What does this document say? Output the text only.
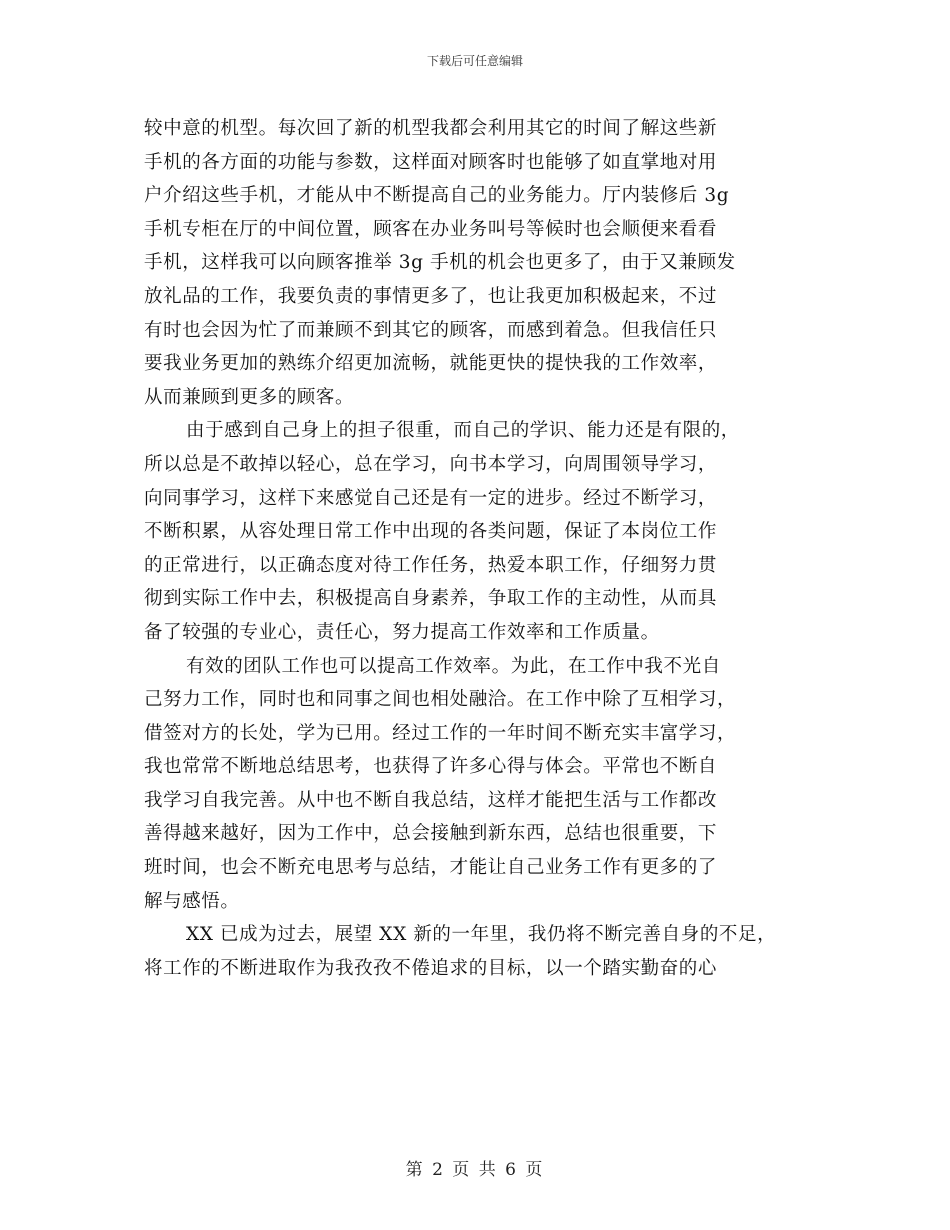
下载后可任意编辑
较中意的机型。每次回了新的机型我都会利用其它的时间了解这些新
手机的各方面的功能与参数，这样面对顾客时也能够了如直掌地对用
户介绍这些手机，才能从中不断提高自己的业务能力。厅内装修后 3g
手机专柜在厅的中间位置，顾客在办业务叫号等候时也会顺便来看看
手机，这样我可以向顾客推举 3g 手机的机会也更多了，由于又兼顾发
放礼品的工作，我要负责的事情更多了，也让我更加积极起来，不过
有时也会因为忙了而兼顾不到其它的顾客，而感到着急。但我信任只
要我业务更加的熟练介绍更加流畅，就能更快的提快我的工作效率，
从而兼顾到更多的顾客。
由于感到自己身上的担子很重，而自己的学识、能力还是有限的，
所以总是不敢掉以轻心，总在学习，向书本学习，向周围领导学习，
向同事学习，这样下来感觉自己还是有一定的进步。经过不断学习，
不断积累，从容处理日常工作中出现的各类问题，保证了本岗位工作
的正常进行，以正确态度对待工作任务，热爱本职工作，仔细努力贯
彻到实际工作中去，积极提高自身素养，争取工作的主动性，从而具
备了较强的专业心，责任心，努力提高工作效率和工作质量。
有效的团队工作也可以提高工作效率。为此，在工作中我不光自
己努力工作，同时也和同事之间也相处融洽。在工作中除了互相学习，
借签对方的长处，学为已用。经过工作的一年时间不断充实丰富学习，
我也常常不断地总结思考，也获得了许多心得与体会。平常也不断自
我学习自我完善。从中也不断自我总结，这样才能把生活与工作都改
善得越来越好，因为工作中，总会接触到新东西，总结也很重要，下
班时间，也会不断充电思考与总结，才能让自己业务工作有更多的了
解与感悟。
XX 已成为过去，展望 XX 新的一年里，我仍将不断完善自身的不足，
将工作的不断进取作为我孜孜不倦追求的目标，以一个踏实勤奋的心
第 2 页 共 6 页
